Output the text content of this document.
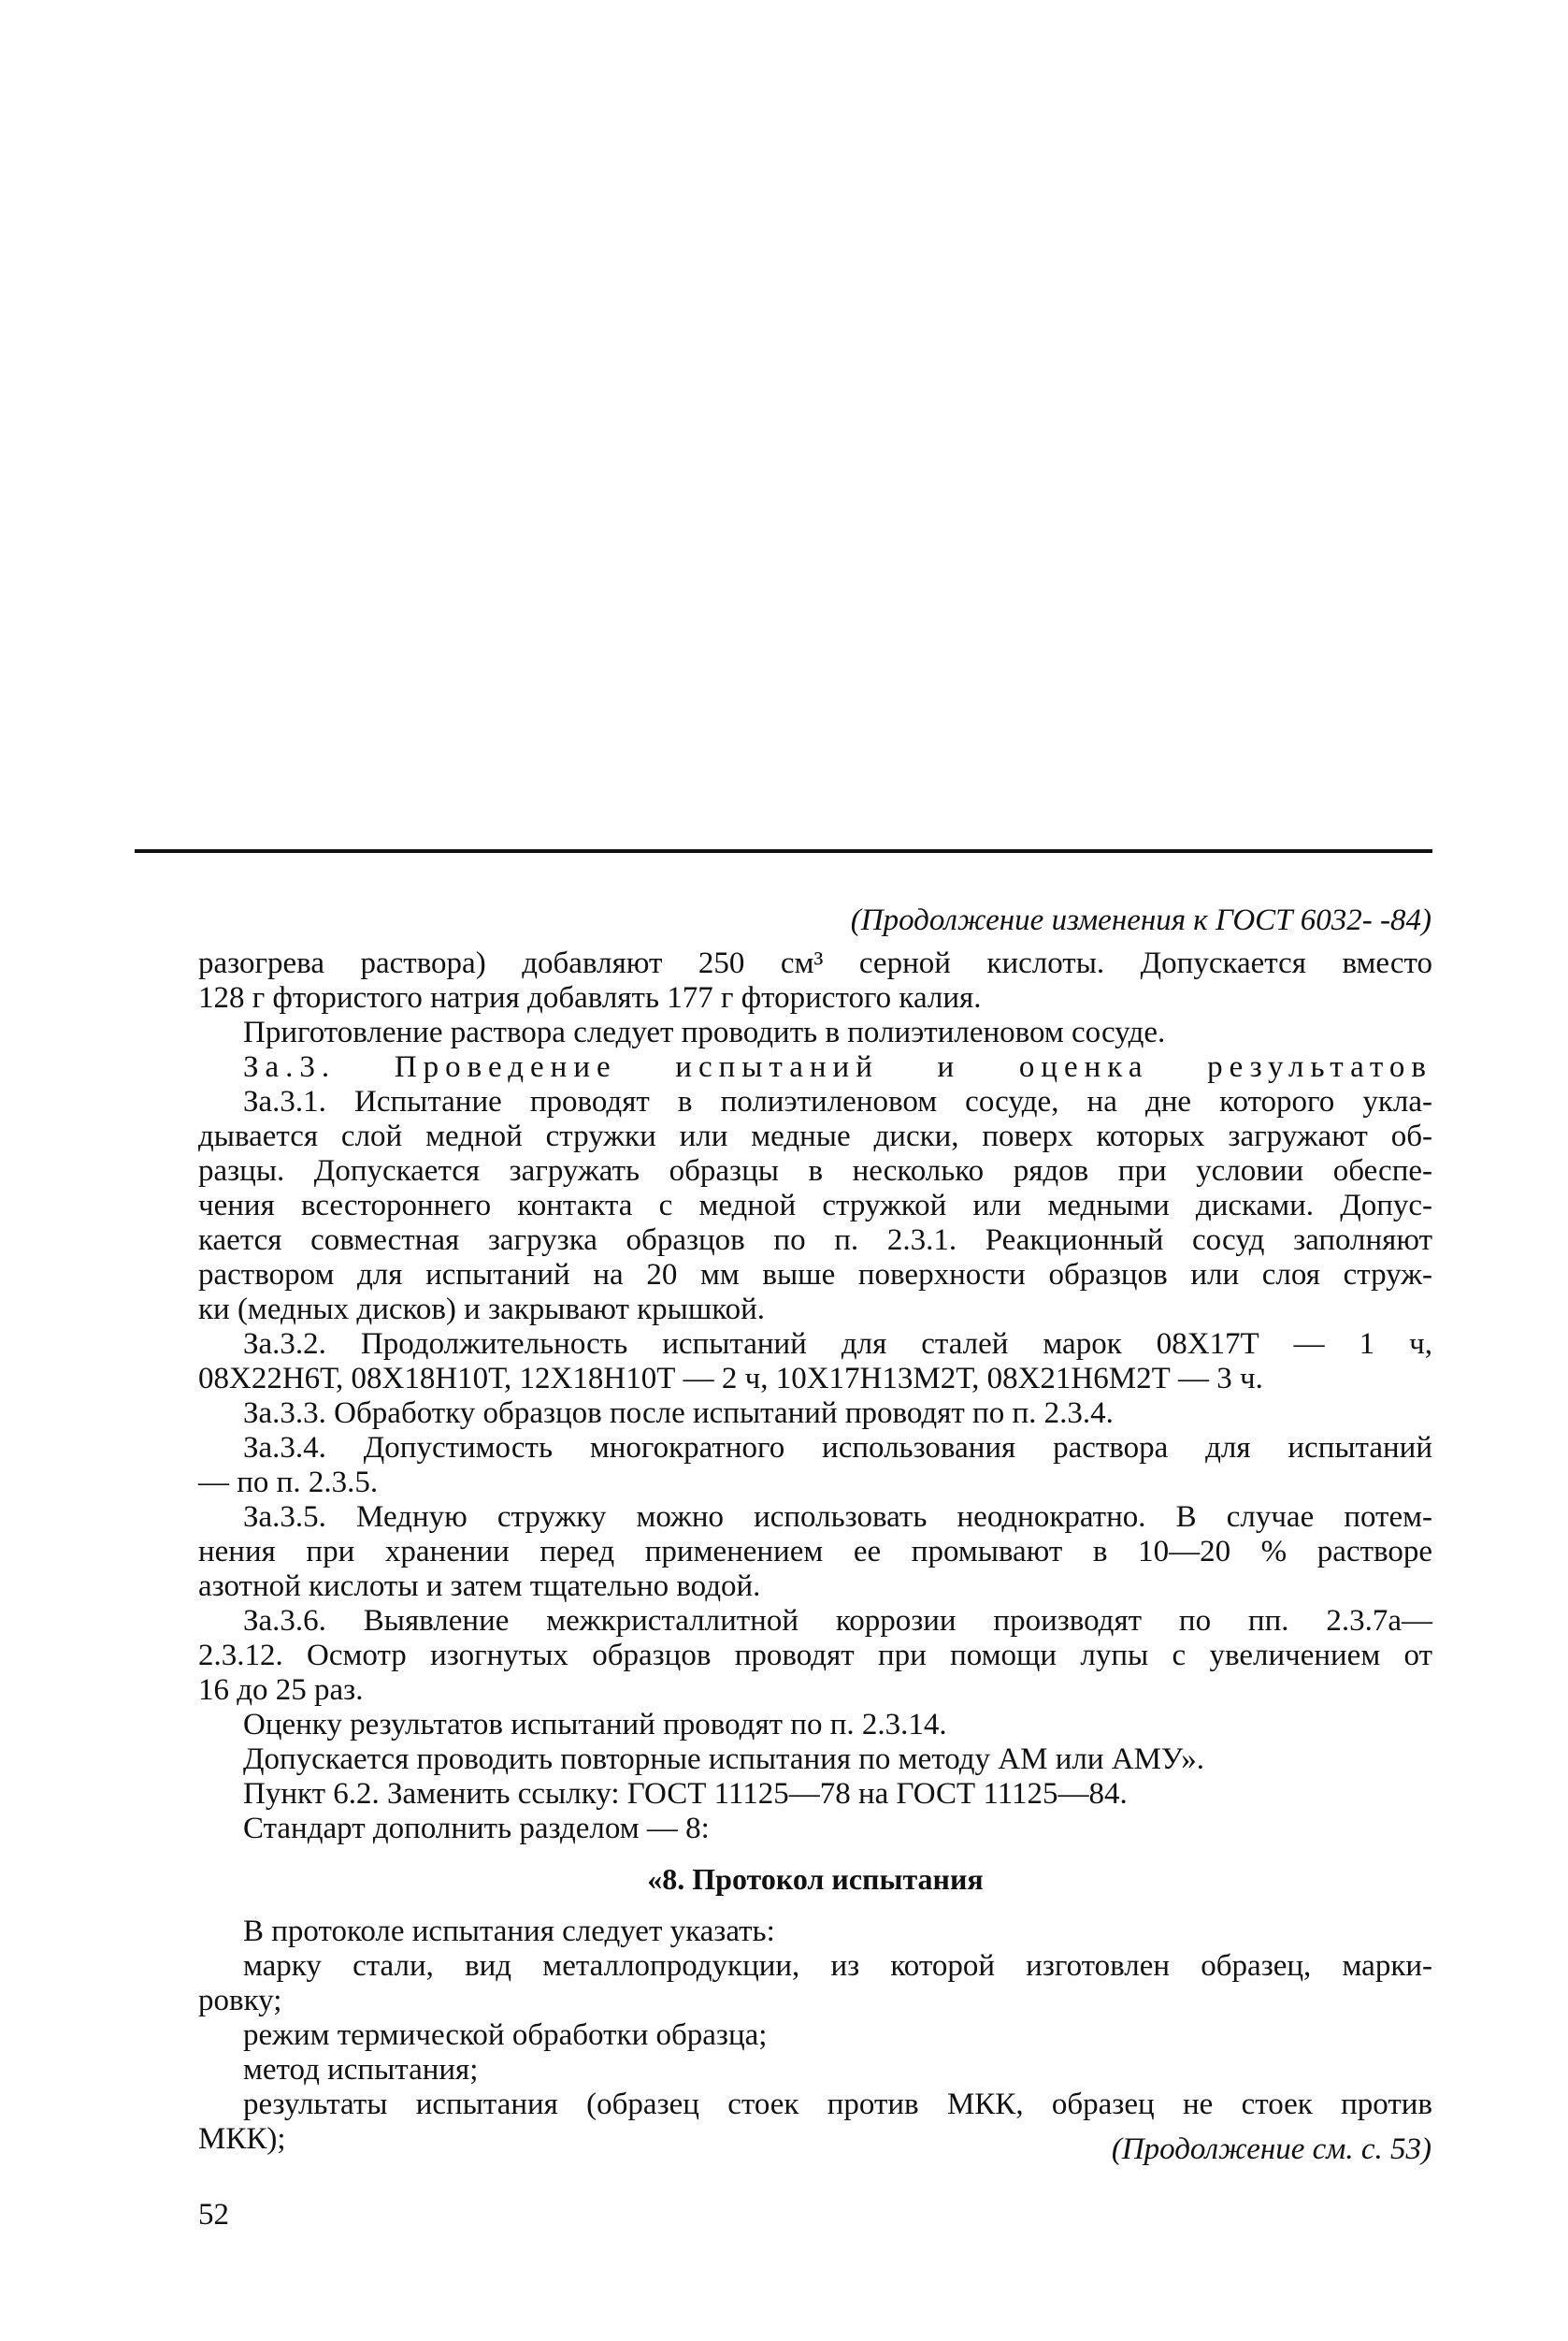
(Продолжение изменения к ГОСТ 6032- -84)
разогрева раствора) добавляют 250 см³ серной кислоты. Допускается вместо
128 г фтористого натрия добавлять 177 г фтористого калия.
Приготовление раствора следует проводить в полиэтиленовом сосуде.
За.3. Проведение испытаний и оценка результатов
За.3.1. Испытание проводят в полиэтиленовом сосуде, на дне которого укла-
дывается слой медной стружки или медные диски, поверх которых загружают об-
разцы. Допускается загружать образцы в несколько рядов при условии обеспе-
чения всестороннего контакта с медной стружкой или медными дисками. Допус-
кается совместная загрузка образцов по п. 2.3.1. Реакционный сосуд заполняют
раствором для испытаний на 20 мм выше поверхности образцов или слоя струж-
ки (медных дисков) и закрывают крышкой.
За.3.2. Продолжительность испытаний для сталей марок 08Х17Т — 1 ч,
08Х22Н6Т, 08Х18Н10Т, 12Х18Н10Т — 2 ч, 10Х17Н13М2Т, 08Х21Н6М2Т — 3 ч.
За.3.3. Обработку образцов после испытаний проводят по п. 2.3.4.
За.3.4. Допустимость многократного использования раствора для испытаний
— по п. 2.3.5.
За.3.5. Медную стружку можно использовать неоднократно. В случае потем-
нения при хранении перед применением ее промывают в 10—20 % растворе
азотной кислоты и затем тщательно водой.
За.3.6. Выявление межкристаллитной коррозии производят по пп. 2.3.7а—
2.3.12. Осмотр изогнутых образцов проводят при помощи лупы с увеличением от
16 до 25 раз.
Оценку результатов испытаний проводят по п. 2.3.14.
Допускается проводить повторные испытания по методу АМ или АМУ».
Пункт 6.2. Заменить ссылку: ГОСТ 11125—78 на ГОСТ 11125—84.
Стандарт дополнить разделом — 8:
«8. Протокол испытания
В протоколе испытания следует указать:
марку стали, вид металлопродукции, из которой изготовлен образец, марки-
ровку;
режим термической обработки образца;
метод испытания;
результаты испытания (образец стоек против МКК, образец не стоек против
МКК);	(Продолжение см. с. 53)
52
